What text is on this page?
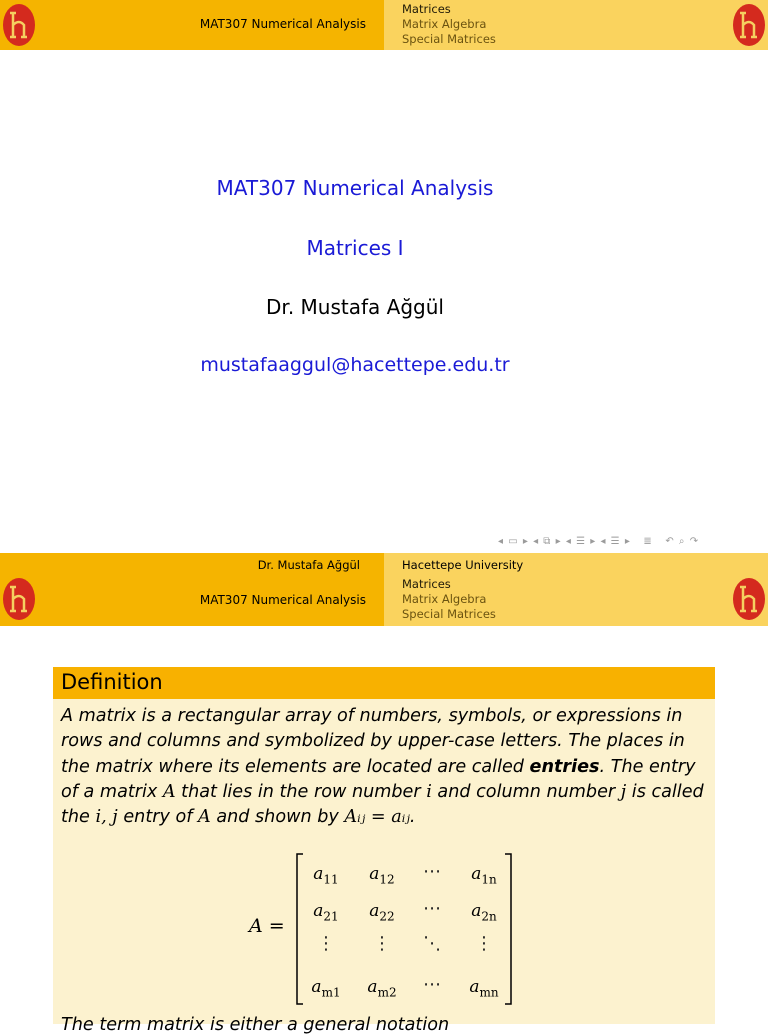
MAT307 Numerical Analysis
Matrices
Matrix Algebra
Special Matrices
MAT307 Numerical Analysis
Matrices I
Dr. Mustafa Ağgül
mustafaaggul@hacettepe.edu.tr
◂ ▭ ▸ ◂ ⧉ ▸ ◂ ☰ ▸ ◂ ☰ ▸   ≣   ↶ ⌕ ↷
Dr. Mustafa Ağgül	Hacettepe University
MAT307 Numerical Analysis
Matrices
Matrix Algebra
Special Matrices
Definition
A matrix is a rectangular array of numbers, symbols, or expressions in rows and columns and symbolized by upper-case letters. The places in the matrix where its elements are located are called entries. The entry of a matrix A that lies in the row number i and column number j is called the i, j entry of A and shown by Aᵢⱼ = aᵢⱼ.
A =
$a_{11}$	$a_{12}$	⋯	$a_{1n}$
$a_{21}$	$a_{22}$	⋯	$a_{2n}$
⋮	⋮	⋱	⋮
$a_{m1}$	$a_{m2}$	⋯	$a_{mn}$
The term matrix is either a general notation
